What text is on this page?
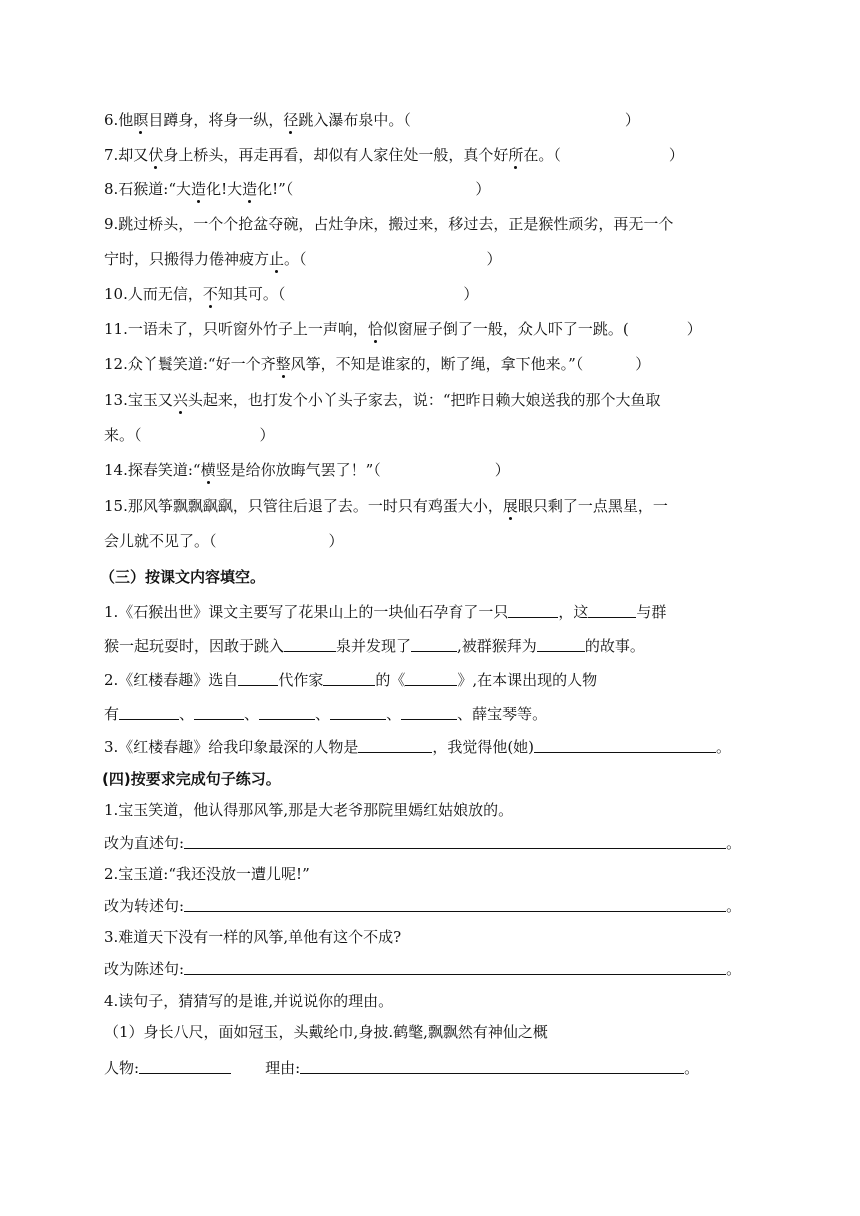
6.他瞑目蹲身，将身一纵，径跳入瀑布泉中。（	）
7.却又伏身上桥头，再走再看，却似有人家住处一般，真个好所在。（	）
8.石猴道:“大造化!大造化!”（	）
9.跳过桥头，一个个抢盆夺碗，占灶争床，搬过来，移过去，正是猴性顽劣，再无一个
宁时，只搬得力倦神疲方止。（	）
10.人而无信，不知其可。（	）
11.一语未了，只听窗外竹子上一声响，恰似窗屉子倒了一般，众人吓了一跳。(	）
12.众丫鬟笑道:“好一个齐整风筝，不知是谁家的，断了绳，拿下他来。”（	）
13.宝玉又兴头起来，也打发个小丫头子家去，说：“把昨日赖大娘送我的那个大鱼取
来。（	）
14.探春笑道:“横竖是给你放晦气罢了！”（	）
15.那风筝飘飘飖飖，只管往后退了去。一时只有鸡蛋大小，展眼只剩了一点黑星，一
会儿就不见了。（	）
（三）按课文内容填空。
1.《石猴出世》课文主要写了花果山上的一块仙石孕育了一只	，这	与群
猴一起玩耍时，因敢于跳入	泉并发现了	,被群猴拜为	的故事。
2.《红楼春趣》选自	代作家	的《	》,在本课出现的人物
有	、	、	、	、	、薛宝琴等。
3.《红楼春趣》给我印象最深的人物是	，我觉得他(她)	。
(四)按要求完成句子练习。
1.宝玉笑道，他认得那风筝,那是大老爷那院里嫣红姑娘放的。
改为直述句:	。
2.宝玉道:“我还没放一遭儿呢!”
改为转述句:	。
3.难道天下没有一样的风筝,单他有这个不成?
改为陈述句:	。
4.读句子，猜猜写的是谁,并说说你的理由。
（1）身长八尺，面如冠玉，头戴纶巾,身披.鹤氅,飘飘然有神仙之概
人物:	理由:	。
